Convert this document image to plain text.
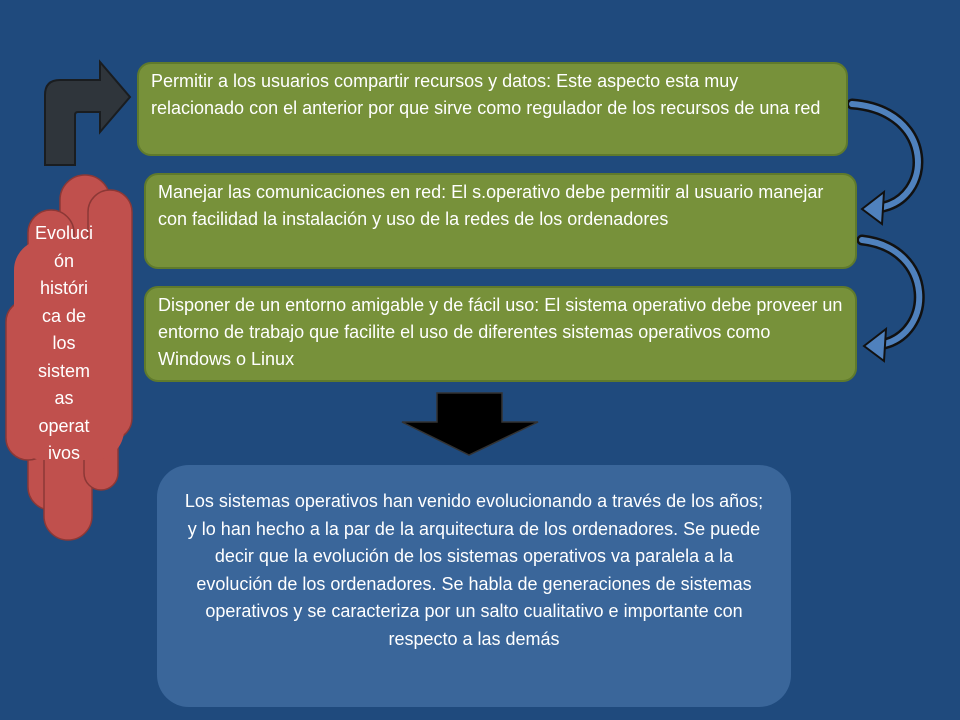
Evoluci
ón
históri
ca de
los
sistem
as
operat
ivos
Permitir a los usuarios compartir recursos y datos: Este aspecto esta muy relacionado con el anterior por que sirve como regulador de los recursos de una red
Manejar las comunicaciones en red: El s.operativo debe permitir al usuario manejar con facilidad la instalación y uso de la redes de los ordenadores
Disponer de un entorno amigable y de fácil uso: El sistema operativo debe proveer un entorno de trabajo que facilite el uso de diferentes sistemas operativos como Windows o Linux
Los sistemas operativos han venido evolucionando a través de los años; y lo han hecho a la par de la arquitectura de los ordenadores. Se puede decir que la evolución de los sistemas operativos va paralela a la evolución de los ordenadores. Se habla de generaciones de sistemas operativos y se caracteriza por un salto cualitativo e importante con respecto a las demás
